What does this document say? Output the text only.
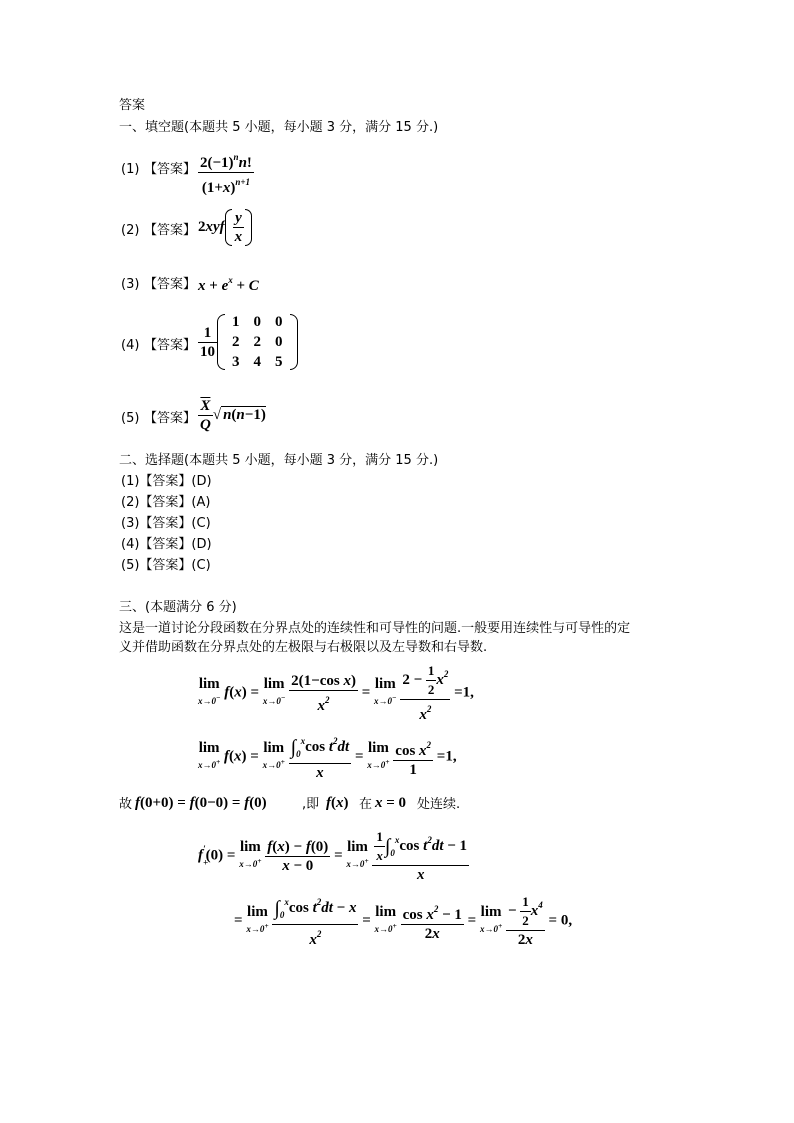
答案
一、填空题(本题共 5 小题，每小题 3 分，满分 15 分.)
(1) 【答案】 $\frac{2(-1)^nn!}{(1+x)^{n+1}}$
(2) 【答案】 $2xyf \frac{y}{x}$
(3) 【答案】 $x + e^x + C$
(4) 【答案】 $\frac{1}{10}$
1	0	0
2	2	0
3	4	5
(5) 【答案】 $\frac{\overline{X}}{Q}$ √ n(n−1)
二、选择题(本题共 5 小题，每小题 3 分，满分 15 分.)
(1)【答案】(D)
(2)【答案】(A)
(3)【答案】(C)
(4)【答案】(D)
(5)【答案】(C)
三、(本题满分 6 分)
这是一道讨论分段函数在分界点处的连续性和可导性的问题.一般要用连续性与可导性的定
义并借助函数在分界点处的左极限与右极限以及左导数和右导数.
lim
x→0− f(x) =
lim
x→0−
$\frac{\text{2(1−cos x)}}{x^2}$ =
lim
x→0−
$\frac{2 - \frac{1}{2} x^2}{x^2} =1$,
lim
x→0+ f(x) =
lim
x→0+
$\frac{\int_0^x\cos t^2dt}{x}$ =
lim
x→0+
$\frac{\cos x^2}{1} =1$,
故 f(0+0) = f(0−0) = f(0)	,即 f(x) 在 x = 0 处连续.
$f_+'(0)$ =
lim
x→0+
$\frac{f(x) - f(0)}{x - 0}$ =
lim
x→0+
$\frac{\frac{1}{x} \int_0^x\cos t^2dt - 1}{x}$
=
lim
x→0+
$\frac{\int_0^x\cos t^2dt - x}{x^2}$ =
lim
x→0+
$\frac{\cos x^2 - 1}{2x}$ =
lim
x→0+
$\frac{- \frac{1}{2} x^4}{2x} = 0$,
